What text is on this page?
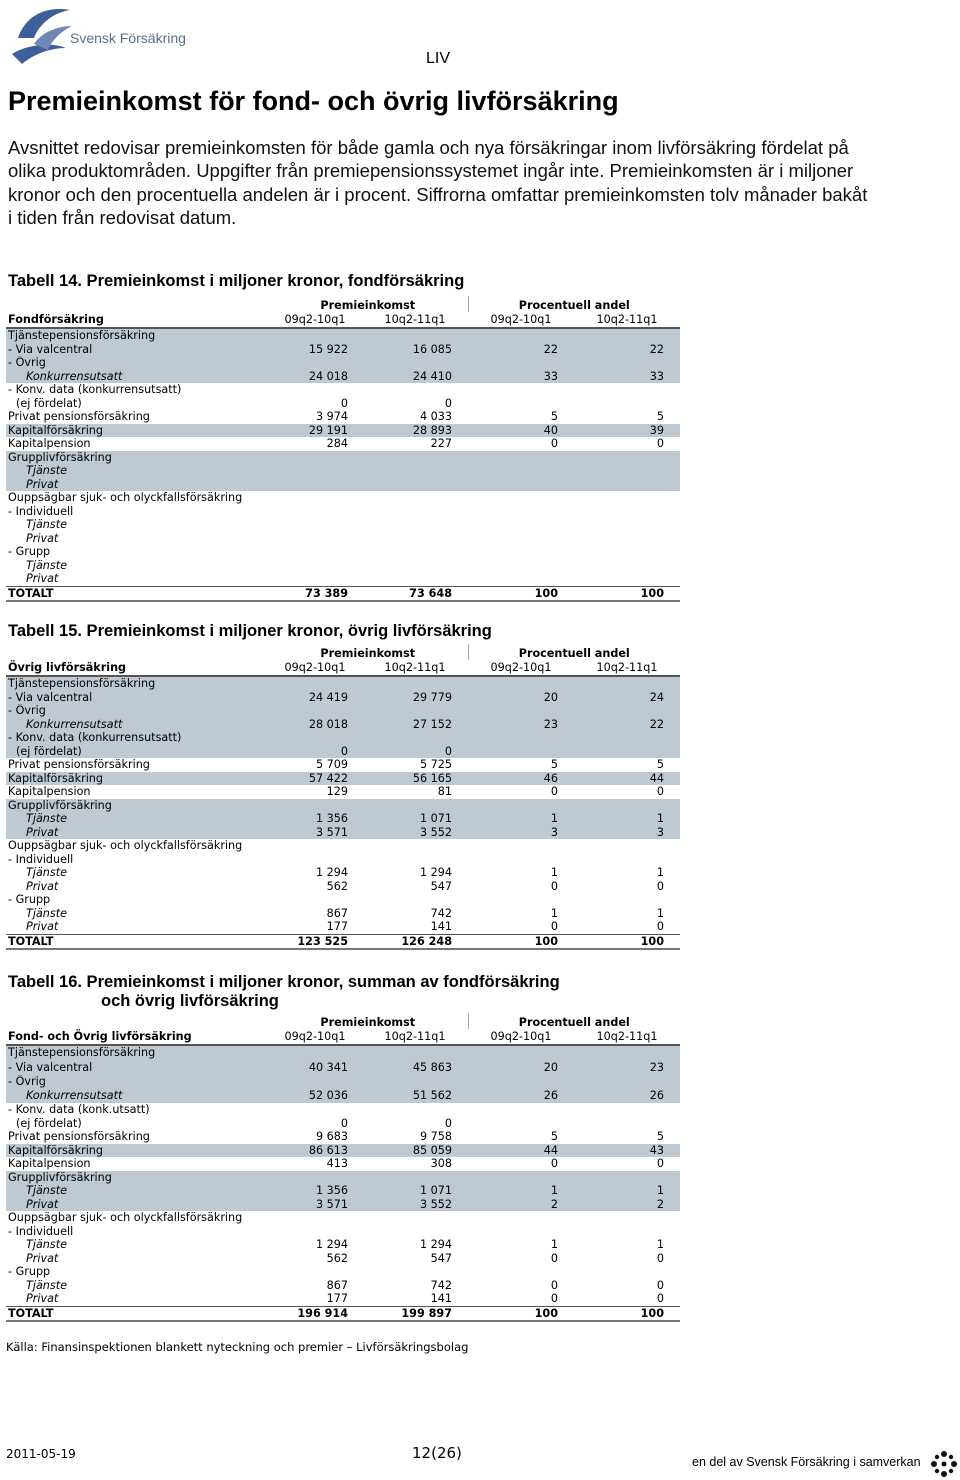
Svensk Försäkring
LIV
Premieinkomst för fond- och övrig livförsäkring
Avsnittet redovisar premieinkomsten för både gamla och nya försäkringar inom livförsäkring fördelat på olika produktområden. Uppgifter från premiepensionssystemet ingår inte. Premieinkomsten är i miljoner kronor och den procentuella andelen är i procent. Siffrorna omfattar premieinkomsten tolv månader bakåt i tiden från redovisat datum.
Tabell 14. Premieinkomst i miljoner kronor, fondförsäkring
	Premieinkomst		Procentuell andel	
Fondförsäkring	09q2-10q1	10q2-11q1	09q2-10q1	10q2-11q1
Tjänstepensionsförsäkring				
- Via valcentral	15 922	16 085	22	22
- Övrig				
Konkurrensutsatt	24 018	24 410	33	33
- Konv. data (konkurrensutsatt)				
(ej fördelat)	0	0		
Privat pensionsförsäkring	3 974	4 033	5	5
Kapitalförsäkring	29 191	28 893	40	39
Kapitalpension	284	227	0	0
Grupplivförsäkring				
Tjänste				
Privat				
Ouppsägbar sjuk- och olyckfallsförsäkring				
- Individuell				
Tjänste				
Privat				
- Grupp				
Tjänste				
Privat				
TOTALT	73 389	73 648	100	100
Tabell 15. Premieinkomst i miljoner kronor, övrig livförsäkring
	Premieinkomst		Procentuell andel	
Övrig livförsäkring	09q2-10q1	10q2-11q1	09q2-10q1	10q2-11q1
Tjänstepensionsförsäkring				
- Via valcentral	24 419	29 779	20	24
- Övrig				
Konkurrensutsatt	28 018	27 152	23	22
- Konv. data (konkurrensutsatt)				
(ej fördelat)	0	0		
Privat pensionsförsäkring	5 709	5 725	5	5
Kapitalförsäkring	57 422	56 165	46	44
Kapitalpension	129	81	0	0
Grupplivförsäkring				
Tjänste	1 356	1 071	1	1
Privat	3 571	3 552	3	3
Ouppsägbar sjuk- och olyckfallsförsäkring				
- Individuell				
Tjänste	1 294	1 294	1	1
Privat	562	547	0	0
- Grupp				
Tjänste	867	742	1	1
Privat	177	141	0	0
TOTALT	123 525	126 248	100	100
Tabell 16. Premieinkomst i miljoner kronor, summan av fondförsäkring
och övrig livförsäkring
	Premieinkomst		Procentuell andel	
Fond- och Övrig livförsäkring	09q2-10q1	10q2-11q1	09q2-10q1	10q2-11q1
Tjänstepensionsförsäkring				
- Via valcentral	40 341	45 863	20	23
- Övrig				
Konkurrensutsatt	52 036	51 562	26	26
- Konv. data (konk.utsatt)				
(ej fördelat)	0	0		
Privat pensionsförsäkring	9 683	9 758	5	5
Kapitalförsäkring	86 613	85 059	44	43
Kapitalpension	413	308	0	0
Grupplivförsäkring				
Tjänste	1 356	1 071	1	1
Privat	3 571	3 552	2	2
Ouppsägbar sjuk- och olyckfallsförsäkring				
- Individuell				
Tjänste	1 294	1 294	1	1
Privat	562	547	0	0
- Grupp				
Tjänste	867	742	0	0
Privat	177	141	0	0
TOTALT	196 914	199 897	100	100
Källa: Finansinspektionen blankett nyteckning och premier – Livförsäkringsbolag
2011-05-19	12(26)	en del av Svensk Försäkring i samverkan
